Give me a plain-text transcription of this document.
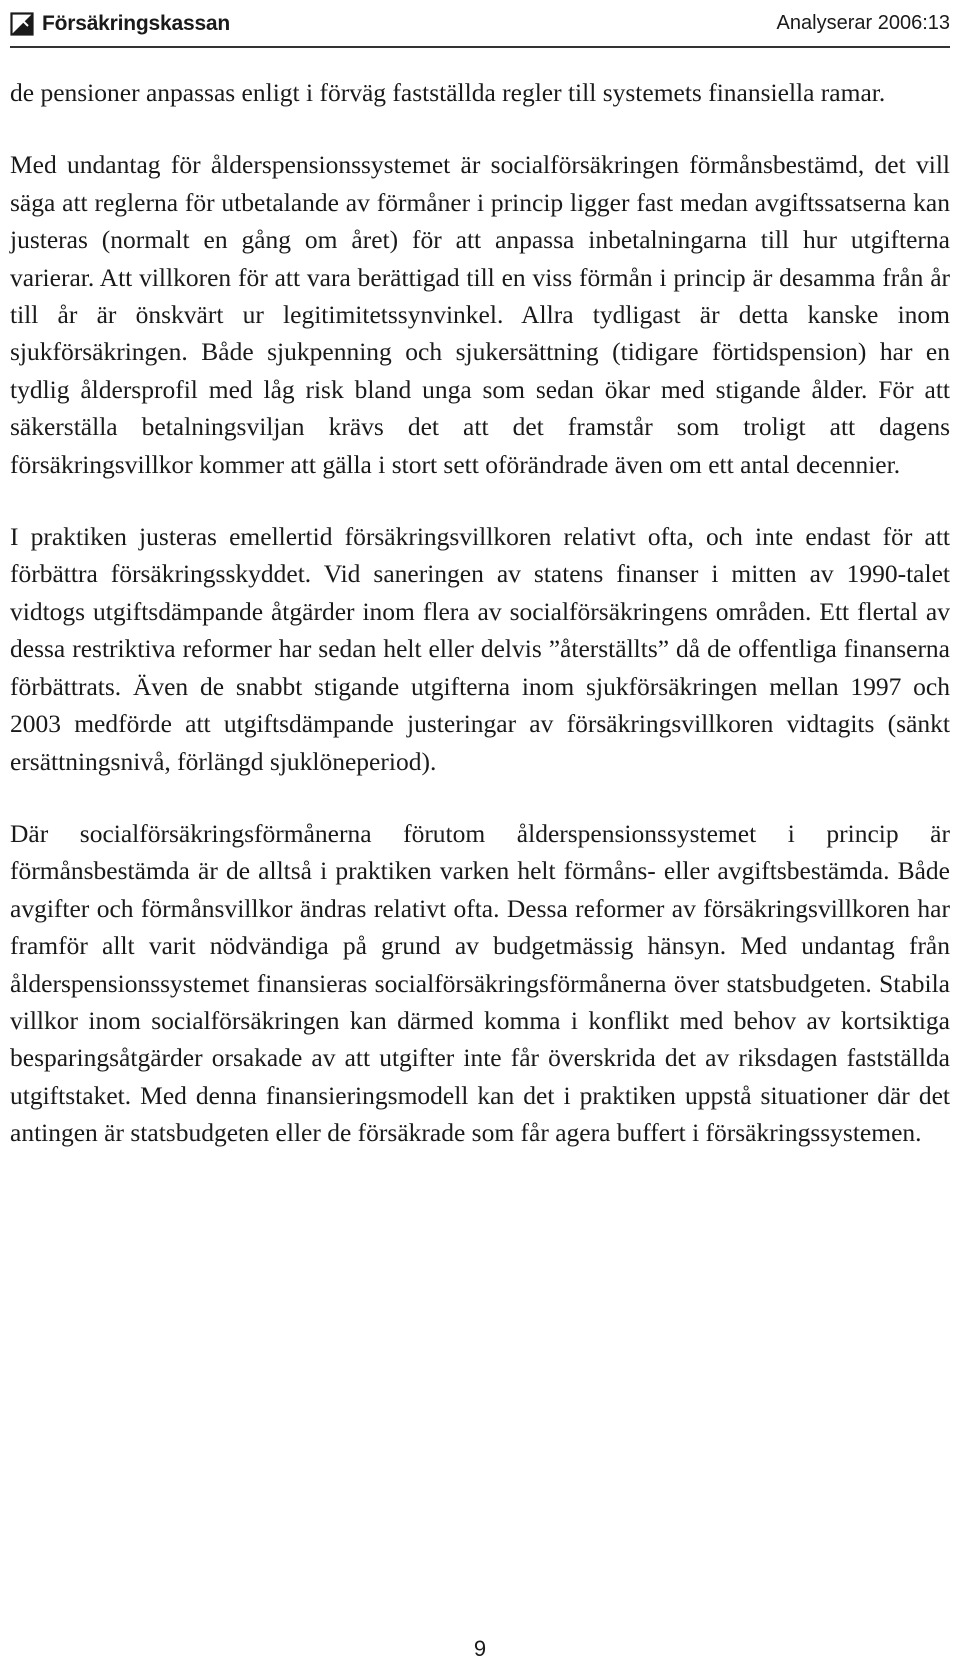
Försäkringskassan	Analyserar 2006:13

de pensioner anpassas enligt i förväg fastställda regler till systemets finansiella ramar.

Med undantag för ålderspensionssystemet är socialförsäkringen förmånsbestämd, det vill säga att reglerna för utbetalande av förmåner i princip ligger fast medan avgiftssatserna kan justeras (normalt en gång om året) för att anpassa inbetalningarna till hur utgifterna varierar. Att villkoren för att vara berättigad till en viss förmån i princip är desamma från år till år är önskvärt ur legitimitetssynvinkel. Allra tydligast är detta kanske inom sjukförsäkringen. Både sjukpenning och sjukersättning (tidigare förtidspension) har en tydlig åldersprofil med låg risk bland unga som sedan ökar med stigande ålder. För att säkerställa betalningsviljan krävs det att det framstår som troligt att dagens försäkringsvillkor kommer att gälla i stort sett oförändrade även om ett antal decennier.

I praktiken justeras emellertid försäkringsvillkoren relativt ofta, och inte endast för att förbättra försäkringsskyddet. Vid saneringen av statens finanser i mitten av 1990-talet vidtogs utgiftsdämpande åtgärder inom flera av socialförsäkringens områden. Ett flertal av dessa restriktiva reformer har sedan helt eller delvis ”återställts” då de offentliga finanserna förbättrats. Även de snabbt stigande utgifterna inom sjukförsäkringen mellan 1997 och 2003 medförde att utgiftsdämpande justeringar av försäkringsvillkoren vidtagits (sänkt ersättningsnivå, förlängd sjuklöneperiod).

Där socialförsäkringsförmånerna förutom ålderspensionssystemet i princip är förmånsbestämda är de alltså i praktiken varken helt förmåns- eller avgiftsbestämda. Både avgifter och förmånsvillkor ändras relativt ofta. Dessa reformer av försäkringsvillkoren har framför allt varit nödvändiga på grund av budgetmässig hänsyn. Med undantag från ålderspensionssystemet finansieras socialförsäkringsförmånerna över statsbudgeten. Stabila villkor inom socialförsäkringen kan därmed komma i konflikt med behov av kortsiktiga besparingsåtgärder orsakade av att utgifter inte får överskrida det av riksdagen fastställda utgiftstaket. Med denna finansieringsmodell kan det i praktiken uppstå situationer där det antingen är statsbudgeten eller de försäkrade som får agera buffert i försäkringssystemen.

9
